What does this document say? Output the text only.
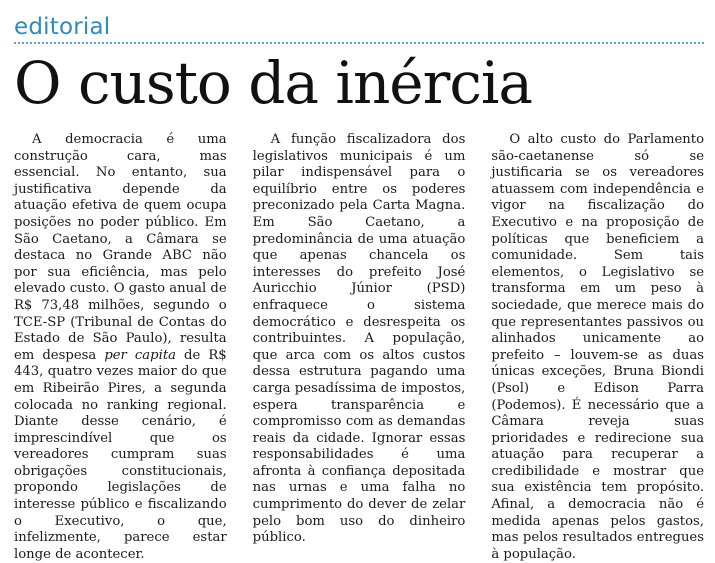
editorial
O custo da inércia

A democracia é uma construção cara, mas essencial. No entanto, sua justificativa depende da atuação efetiva de quem ocupa posições no poder público. Em São Caetano, a Câmara se destaca no Grande ABC não por sua eficiência, mas pelo elevado custo. O gasto anual de R$ 73,48 milhões, segundo o TCE-SP (Tribunal de Contas do Estado de São Paulo), resulta em despesa per capita de R$ 443, quatro vezes maior do que em Ribeirão Pires, a segunda colocada no ranking regional. Diante desse cenário, é imprescindível que os vereadores cumpram suas obrigações constitucionais, propondo legislações de interesse público e fiscalizando o Executivo, o que, infelizmente, parece estar longe de acontecer.

A função fiscalizadora dos legislativos municipais é um pilar indispensável para o equilíbrio entre os poderes preconizado pela Carta Magna. Em São Caetano, a predominância de uma atuação que apenas chancela os interesses do prefeito José Auricchio Júnior (PSD) enfraquece o sistema democrático e desrespeita os contribuintes. A população, que arca com os altos custos dessa estrutura pagando uma carga pesadíssima de impostos, espera transparência e compromisso com as demandas reais da cidade. Ignorar essas responsabilidades é uma afronta à confiança depositada nas urnas e uma falha no cumprimento do dever de zelar pelo bom uso do dinheiro público.

O alto custo do Parlamento são-caetanense só se justificaria se os vereadores atuassem com independência e vigor na fiscalização do Executivo e na proposição de políticas que beneficiem a comunidade. Sem tais elementos, o Legislativo se transforma em um peso à sociedade, que merece mais do que representantes passivos ou alinhados unicamente ao prefeito – louvem-se as duas únicas exceções, Bruna Biondi (Psol) e Edison Parra (Podemos). É necessário que a Câmara reveja suas prioridades e redirecione sua atuação para recuperar a credibilidade e mostrar que sua existência tem propósito. Afinal, a democracia não é medida apenas pelos gastos, mas pelos resultados entregues à população.
